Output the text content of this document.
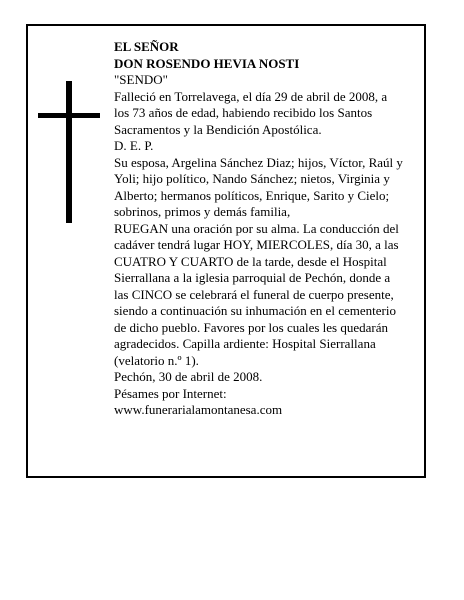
EL SEÑOR
DON ROSENDO HEVIA NOSTI
"SENDO"
Falleció en Torrelavega, el día 29 de abril de 2008, a
los 73 años de edad, habiendo recibido los Santos
Sacramentos y la Bendición Apostólica.
D. E. P.
Su esposa, Argelina Sánchez Diaz; hijos, Víctor, Raúl y
Yoli; hijo político, Nando Sánchez; nietos, Virginia y
Alberto; hermanos políticos, Enrique, Sarito y Cielo;
sobrinos, primos y demás familia,
RUEGAN una oración por su alma. La conducción del
cadáver tendrá lugar HOY, MIERCOLES, día 30, a las
CUATRO Y CUARTO de la tarde, desde el Hospital
Sierrallana a la iglesia parroquial de Pechón, donde a
las CINCO se celebrará el funeral de cuerpo presente,
siendo a continuación su inhumación en el cementerio
de dicho pueblo. Favores por los cuales les quedarán
agradecidos. Capilla ardiente: Hospital Sierrallana
(velatorio n.º 1).
Pechón, 30 de abril de 2008.
Pésames por Internet:
www.funerarialamontanesa.com
